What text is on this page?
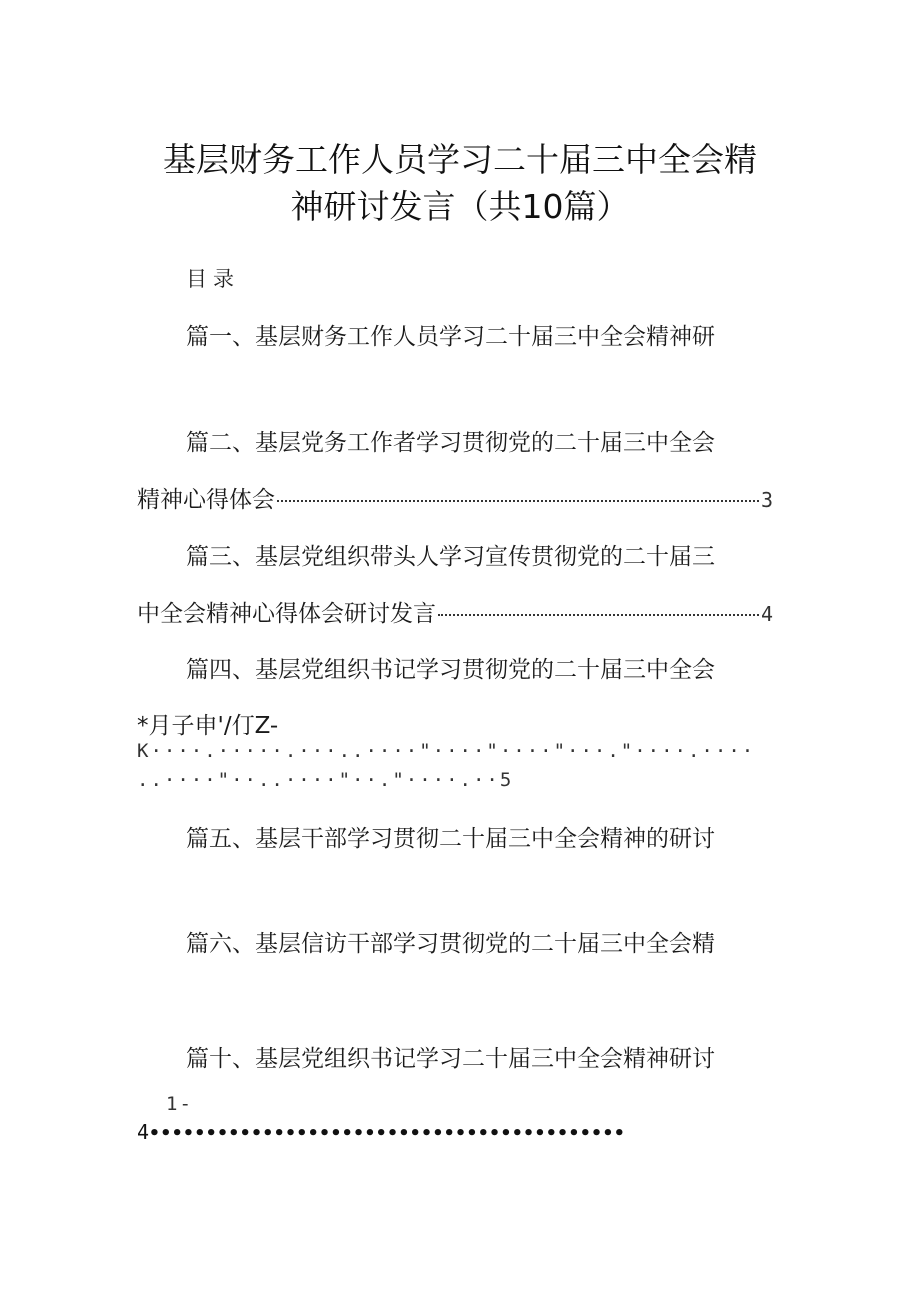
基层财务工作人员学习二十届三中全会精
神研讨发言（共10篇）
目录
篇一、基层财务工作人员学习二十届三中全会精神研
篇二、基层党务工作者学习贯彻党的二十届三中全会
精神心得体会	3
篇三、基层党组织带头人学习宣传贯彻党的二十届三
中全会精神心得体会研讨发言	4
篇四、基层党组织书记学习贯彻党的二十届三中全会
*月子申'/仃Z-
K····.·····.···..····"····"····"···."····.····
..····"··..····"··."····.··5
篇五、基层干部学习贯彻二十届三中全会精神的研讨
篇六、基层信访干部学习贯彻党的二十届三中全会精
篇十、基层党组织书记学习二十届三中全会精神研讨
1-
4••••••••••••••••••••••••••••••••••••••••••
